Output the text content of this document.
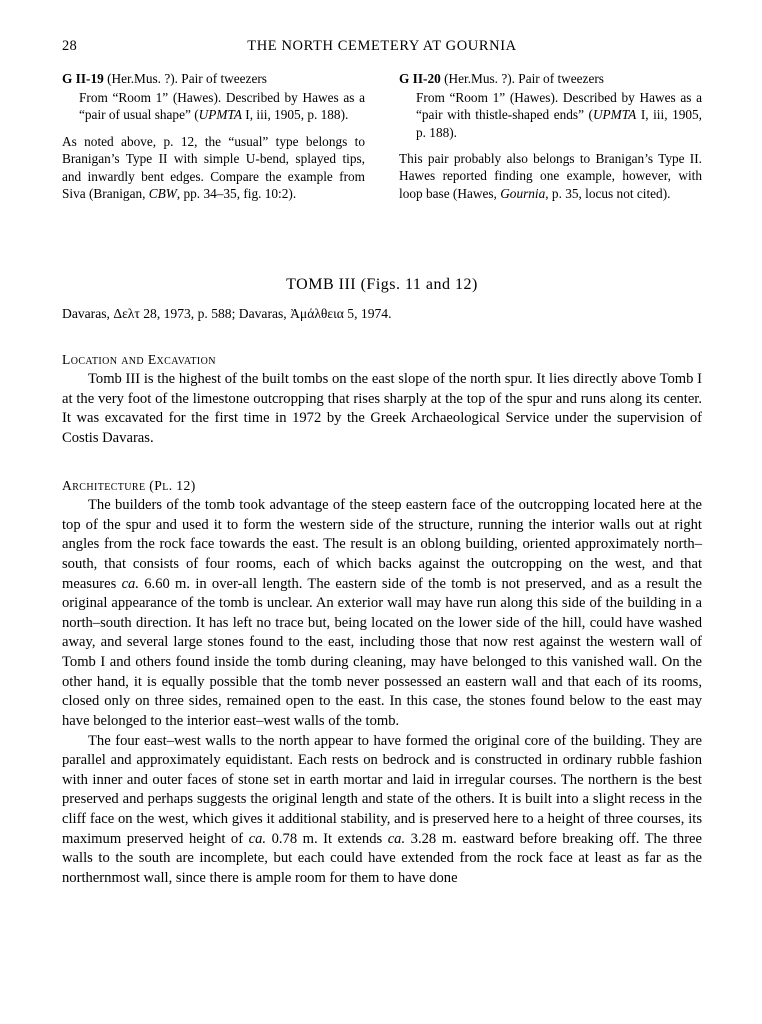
28	THE NORTH CEMETERY AT GOURNIA

G II-19 (Her.Mus. ?). Pair of tweezers

From “Room 1” (Hawes). Described by Hawes as a “pair of usual shape” (UPMTA I, iii, 1905, p. 188).

As noted above, p. 12, the “usual” type belongs to Branigan’s Type II with simple U-bend, splayed tips, and inwardly bent edges. Compare the example from Siva (Branigan, CBW, pp. 34–35, fig. 10:2).

G II-20 (Her.Mus. ?). Pair of tweezers

From “Room 1” (Hawes). Described by Hawes as a “pair with thistle-shaped ends” (UPMTA I, iii, 1905, p. 188).

This pair probably also belongs to Branigan’s Type II. Hawes reported finding one example, however, with loop base (Hawes, Gournia, p. 35, locus not cited).

TOMB III (Figs. 11 and 12)
Davaras, Δελτ 28, 1973, p. 588; Davaras, Ἀμάλθεια 5, 1974.
Location and Excavation

Tomb III is the highest of the built tombs on the east slope of the north spur. It lies directly above Tomb I at the very foot of the limestone outcropping that rises sharply at the top of the spur and runs along its center. It was excavated for the first time in 1972 by the Greek Archaeological Service under the supervision of Costis Davaras.

Architecture (Pl. 12)

The builders of the tomb took advantage of the steep eastern face of the outcropping located here at the top of the spur and used it to form the western side of the structure, running the interior walls out at right angles from the rock face towards the east. The result is an oblong building, oriented approximately north–south, that consists of four rooms, each of which backs against the outcropping on the west, and that measures ca. 6.60 m. in over-all length. The eastern side of the tomb is not preserved, and as a result the original appearance of the tomb is unclear. An exterior wall may have run along this side of the building in a north–south direction. It has left no trace but, being located on the lower side of the hill, could have washed away, and several large stones found to the east, including those that now rest against the western wall of Tomb I and others found inside the tomb during cleaning, may have belonged to this vanished wall. On the other hand, it is equally possible that the tomb never possessed an eastern wall and that each of its rooms, closed only on three sides, remained open to the east. In this case, the stones found below to the east may have belonged to the interior east–west walls of the tomb.

The four east–west walls to the north appear to have formed the original core of the building. They are parallel and approximately equidistant. Each rests on bedrock and is constructed in ordinary rubble fashion with inner and outer faces of stone set in earth mortar and laid in irregular courses. The northern is the best preserved and perhaps suggests the original length and state of the others. It is built into a slight recess in the cliff face on the west, which gives it additional stability, and is preserved here to a height of three courses, its maximum preserved height of ca. 0.78 m. It extends ca. 3.28 m. eastward before breaking off. The three walls to the south are incomplete, but each could have extended from the rock face at least as far as the northernmost wall, since there is ample room for them to have done
